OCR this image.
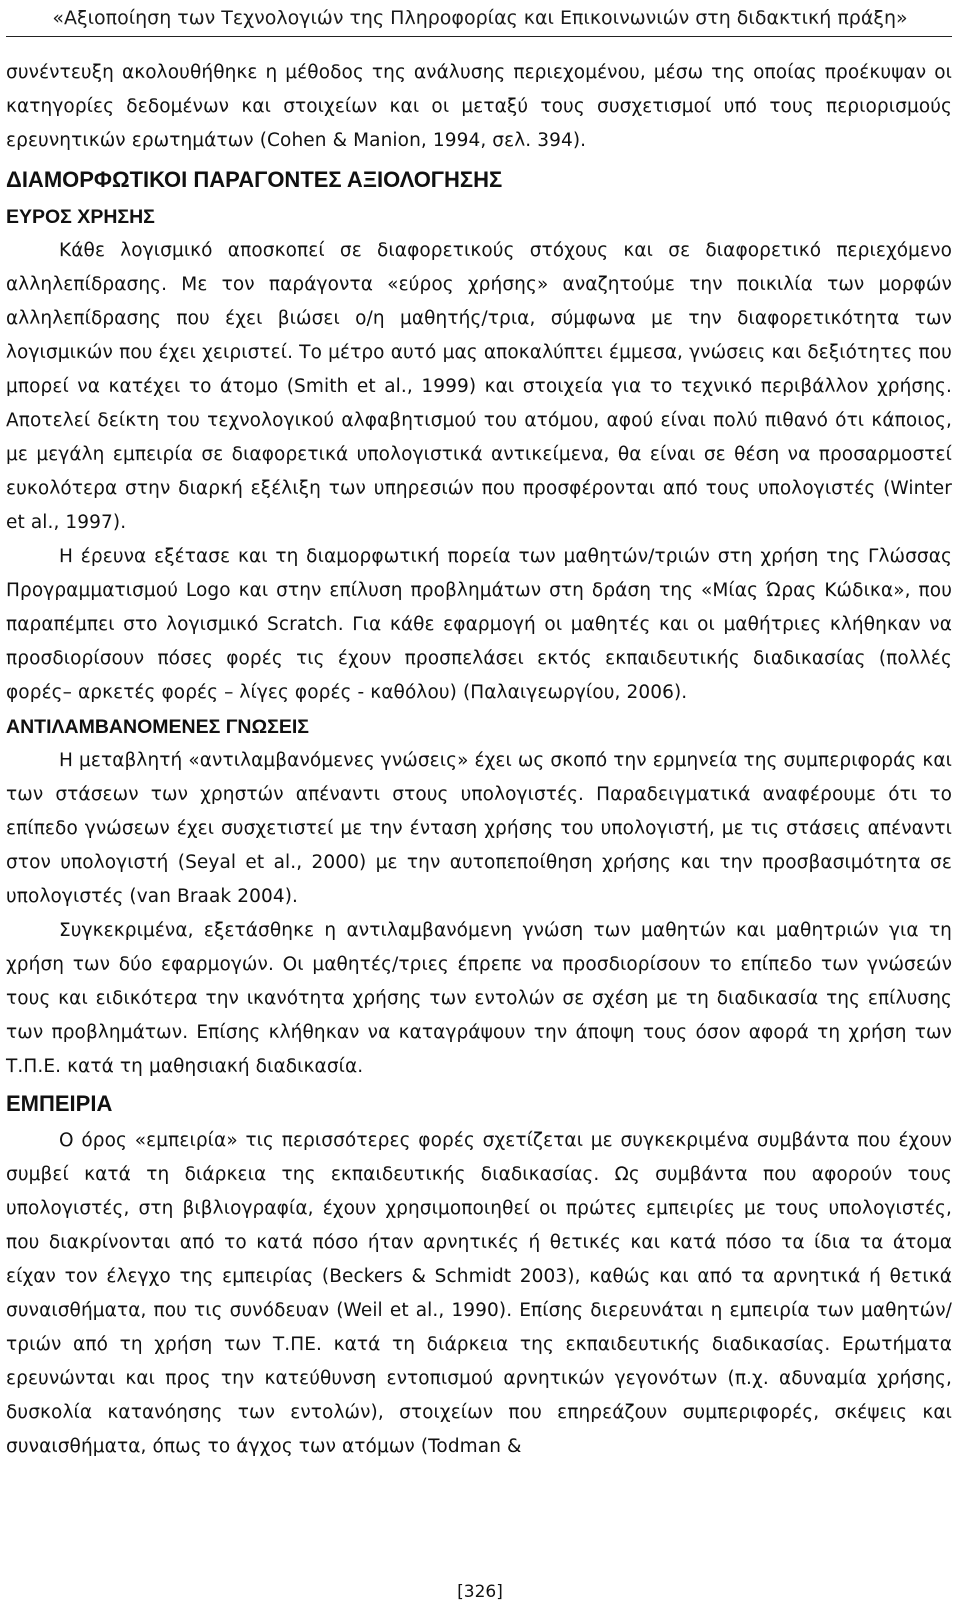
«Αξιοποίηση των Τεχνολογιών της Πληροφορίας και Επικοινωνιών στη διδακτική πράξη»

συνέντευξη ακολουθήθηκε η μέθοδος της ανάλυσης περιεχομένου, μέσω της οποίας προέκυψαν οι κατηγορίες δεδομένων και στοιχείων και οι μεταξύ τους συσχετισμοί υπό τους περιορισμούς ερευνητικών ερωτημάτων (Cohen & Manion, 1994, σελ. 394).

ΔΙΑΜΟΡΦΩΤΙΚΟΙ ΠΑΡΑΓΟΝΤΕΣ ΑΞΙΟΛΟΓΗΣΗΣ

ΕΥΡΟΣ ΧΡΗΣΗΣ

Κάθε λογισμικό αποσκοπεί σε διαφορετικούς στόχους και σε διαφορετικό περιεχόμενο αλληλεπίδρασης. Με τον παράγοντα «εύρος χρήσης» αναζητούμε την ποικιλία των μορφών αλληλεπίδρασης που έχει βιώσει ο/η μαθητής/τρια, σύμφωνα με την διαφορετικότητα των λογισμικών που έχει χειριστεί. Το μέτρο αυτό μας αποκαλύπτει έμμεσα, γνώσεις και δεξιότητες που μπορεί να κατέχει το άτομο (Smith et al., 1999) και στοιχεία για το τεχνικό περιβάλλον χρήσης. Αποτελεί δείκτη του τεχνολογικού αλφαβητισμού του ατόμου, αφού είναι πολύ πιθανό ότι κάποιος, με μεγάλη εμπειρία σε διαφορετικά υπολογιστικά αντικείμενα, θα είναι σε θέση να προσαρμοστεί ευκολότερα στην διαρκή εξέλιξη των υπηρεσιών που προσφέρονται από τους υπολογιστές (Winter et al., 1997).

Η έρευνα εξέτασε και τη διαμορφωτική πορεία των μαθητών/τριών στη χρήση της Γλώσσας Προγραμματισμού Logo και στην επίλυση προβλημάτων στη δράση της «Μίας Ώρας Κώδικα», που παραπέμπει στο λογισμικό Scratch. Για κάθε εφαρμογή οι μαθητές και οι μαθήτριες κλήθηκαν να προσδιορίσουν πόσες φορές τις έχουν προσπελάσει εκτός εκπαιδευτικής διαδικασίας (πολλές φορές– αρκετές φορές – λίγες φορές - καθόλου) (Παλαιγεωργίου, 2006).

ΑΝΤΙΛΑΜΒΑΝΟΜΕΝΕΣ ΓΝΩΣΕΙΣ

Η μεταβλητή «αντιλαμβανόμενες γνώσεις» έχει ως σκοπό την ερμηνεία της συμπεριφοράς και των στάσεων των χρηστών απέναντι στους υπολογιστές. Παραδειγματικά αναφέρουμε ότι το επίπεδο γνώσεων έχει συσχετιστεί με την ένταση χρήσης του υπολογιστή, με τις στάσεις απέναντι στον υπολογιστή (Seyal et al., 2000) με την αυτοπεποίθηση χρήσης και την προσβασιμότητα σε υπολογιστές (van Braak 2004).

Συγκεκριμένα, εξετάσθηκε η αντιλαμβανόμενη γνώση των μαθητών και μαθητριών για τη χρήση των δύο εφαρμογών. Οι μαθητές/τριες έπρεπε να προσδιορίσουν το επίπεδο των γνώσεών τους και ειδικότερα την ικανότητα χρήσης των εντολών σε σχέση με τη διαδικασία της επίλυσης των προβλημάτων. Επίσης κλήθηκαν να καταγράψουν την άποψη τους όσον αφορά τη χρήση των Τ.Π.Ε. κατά τη μαθησιακή διαδικασία.

ΕΜΠΕΙΡΙΑ

Ο όρος «εμπειρία» τις περισσότερες φορές σχετίζεται με συγκεκριμένα συμβάντα που έχουν συμβεί κατά τη διάρκεια της εκπαιδευτικής διαδικασίας. Ως συμβάντα που αφορούν τους υπολογιστές, στη βιβλιογραφία, έχουν χρησιμοποιηθεί οι πρώτες εμπειρίες με τους υπολογιστές, που διακρίνονται από το κατά πόσο ήταν αρνητικές ή θετικές και κατά πόσο τα ίδια τα άτομα είχαν τον έλεγχο της εμπειρίας (Beckers & Schmidt 2003), καθώς και από τα αρνητικά ή θετικά συναισθήματα, που τις συνόδευαν (Weil et al., 1990). Επίσης διερευνάται η εμπειρία των μαθητών/τριών από τη χρήση των Τ.ΠΕ. κατά τη διάρκεια της εκπαιδευτικής διαδικασίας. Ερωτήματα ερευνώνται και προς την κατεύθυνση εντοπισμού αρνητικών γεγονότων (π.χ. αδυναμία χρήσης, δυσκολία κατανόησης των εντολών), στοιχείων που επηρεάζουν συμπεριφορές, σκέψεις και συναισθήματα, όπως το άγχος των ατόμων (Todman &

[326]
